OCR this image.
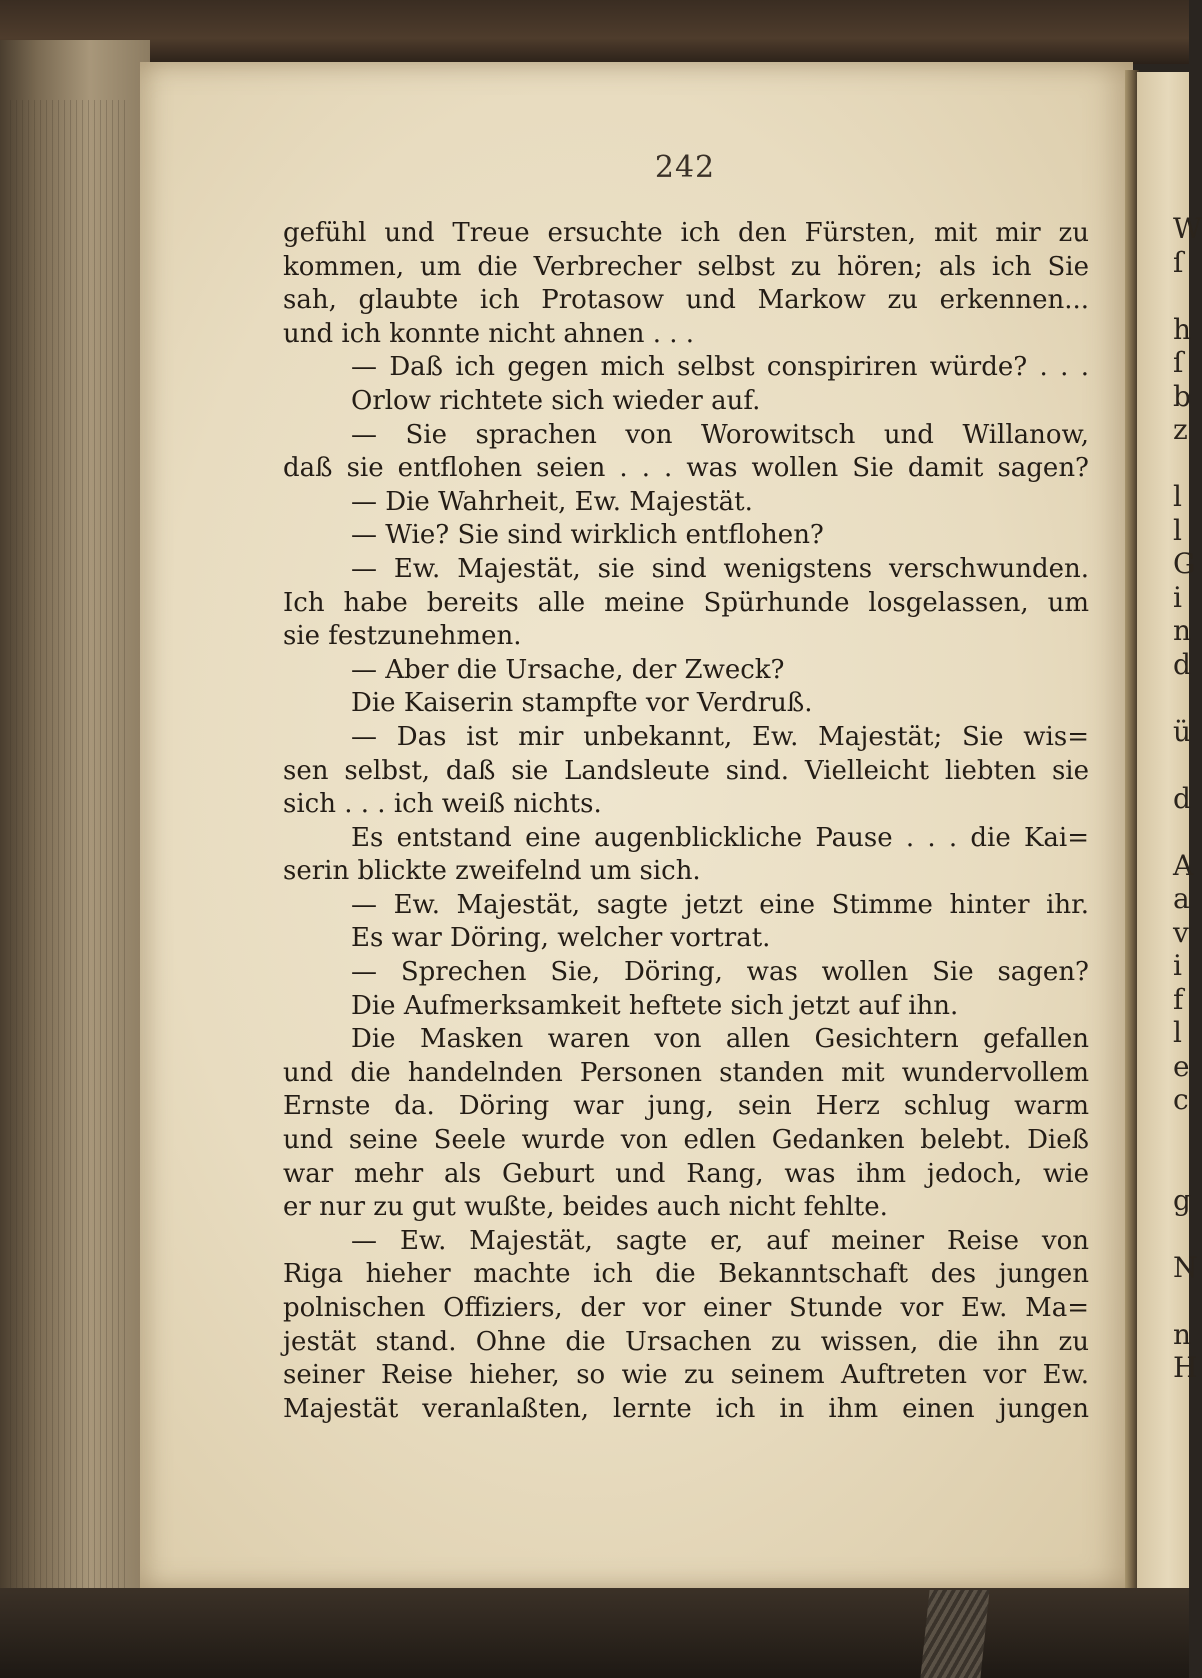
W
ſ

h
ſ
b
z

l
l
G
i
n
d

ü

d

A
a
v
i
f
l
e
c

g

N

n
H
242
gefühl und Treue ersuchte ich den Fürsten, mit mir zu
kommen, um die Verbrecher selbst zu hören; als ich Sie
sah, glaubte ich Protasow und Markow zu erkennen...
und ich konnte nicht ahnen . . .
— Daß ich gegen mich selbst conspiriren würde? . . .
Orlow richtete sich wieder auf.
— Sie sprachen von Worowitsch und Willanow,
daß sie entflohen seien . . . was wollen Sie damit sagen?
— Die Wahrheit, Ew. Majestät.
— Wie? Sie sind wirklich entflohen?
— Ew. Majestät, sie sind wenigstens verschwunden.
Ich habe bereits alle meine Spürhunde losgelassen, um
sie festzunehmen.
— Aber die Ursache, der Zweck?
Die Kaiserin stampfte vor Verdruß.
— Das ist mir unbekannt, Ew. Majestät; Sie wis=
sen selbst, daß sie Landsleute sind. Vielleicht liebten sie
sich . . . ich weiß nichts.
Es entstand eine augenblickliche Pause . . . die Kai=
serin blickte zweifelnd um sich.
— Ew. Majestät, sagte jetzt eine Stimme hinter ihr.
Es war Döring, welcher vortrat.
— Sprechen Sie, Döring, was wollen Sie sagen?
Die Aufmerksamkeit heftete sich jetzt auf ihn.
Die Masken waren von allen Gesichtern gefallen
und die handelnden Personen standen mit wundervollem
Ernste da. Döring war jung, sein Herz schlug warm
und seine Seele wurde von edlen Gedanken belebt. Dieß
war mehr als Geburt und Rang, was ihm jedoch, wie
er nur zu gut wußte, beides auch nicht fehlte.
— Ew. Majestät, sagte er, auf meiner Reise von
Riga hieher machte ich die Bekanntschaft des jungen
polnischen Offiziers, der vor einer Stunde vor Ew. Ma=
jestät stand. Ohne die Ursachen zu wissen, die ihn zu
seiner Reise hieher, so wie zu seinem Auftreten vor Ew.
Majestät veranlaßten, lernte ich in ihm einen jungen
